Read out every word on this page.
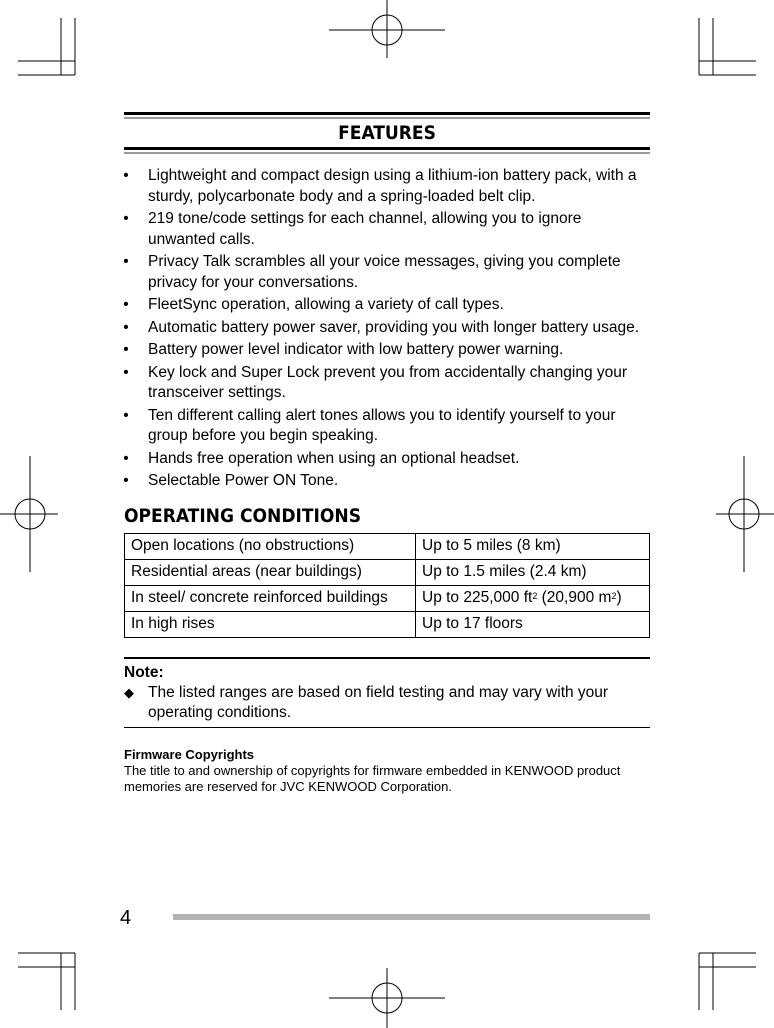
FEATURES
• Lightweight and compact design using a lithium-ion battery pack, with a sturdy, polycarbonate body and a spring-loaded belt clip.
• 219 tone/code settings for each channel, allowing you to ignore unwanted calls.
• Privacy Talk scrambles all your voice messages, giving you complete privacy for your conversations.
• FleetSync operation, allowing a variety of call types.
• Automatic battery power saver, providing you with longer battery usage.
• Battery power level indicator with low battery power warning.
• Key lock and Super Lock prevent you from accidentally changing your transceiver settings.
• Ten different calling alert tones allows you to identify yourself to your group before you begin speaking.
• Hands free operation when using an optional headset.
• Selectable Power ON Tone.
OPERATING CONDITIONS
Open locations (no obstructions)	Up to 5 miles (8 km)
Residential areas (near buildings)	Up to 1.5 miles (2.4 km)
In steel/ concrete reinforced buildings	Up to 225,000 $ft^2$ (20,900 $m^2$)
In high rises	Up to 17 floors
Note:
◆ The listed ranges are based on field testing and may vary with your operating conditions.
Firmware Copyrights
The title to and ownership of copyrights for firmware embedded in KENWOOD product memories are reserved for JVC KENWOOD Corporation.
4
